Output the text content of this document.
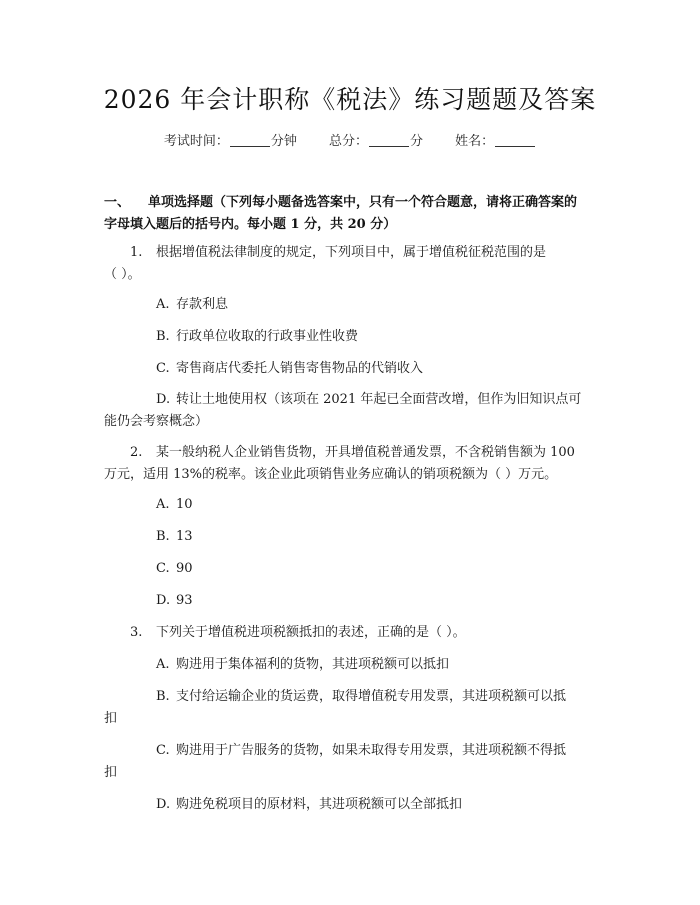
2026 年会计职称《税法》练习题题及答案
考试时间：	分钟 总分：	分 姓名：
一、 单项选择题（下列每小题备选答案中，只有一个符合题意，请将正确答案的
字母填入题后的括号内。每小题 1 分，共 20 分）
1. 根据增值税法律制度的规定，下列项目中，属于增值税征税范围的是
（ ）。
A. 存款利息
B. 行政单位收取的行政事业性收费
C. 寄售商店代委托人销售寄售物品的代销收入
D. 转让土地使用权（该项在 2021 年起已全面营改增，但作为旧知识点可
能仍会考察概念）
2. 某一般纳税人企业销售货物，开具增值税普通发票，不含税销售额为 100
万元，适用 13%的税率。该企业此项销售业务应确认的销项税额为（ ）万元。
A. 10
B. 13
C. 90
D. 93
3. 下列关于增值税进项税额抵扣的表述，正确的是（ ）。
A. 购进用于集体福利的货物，其进项税额可以抵扣
B. 支付给运输企业的货运费，取得增值税专用发票，其进项税额可以抵
扣
C. 购进用于广告服务的货物，如果未取得专用发票，其进项税额不得抵
扣
D. 购进免税项目的原材料，其进项税额可以全部抵扣
